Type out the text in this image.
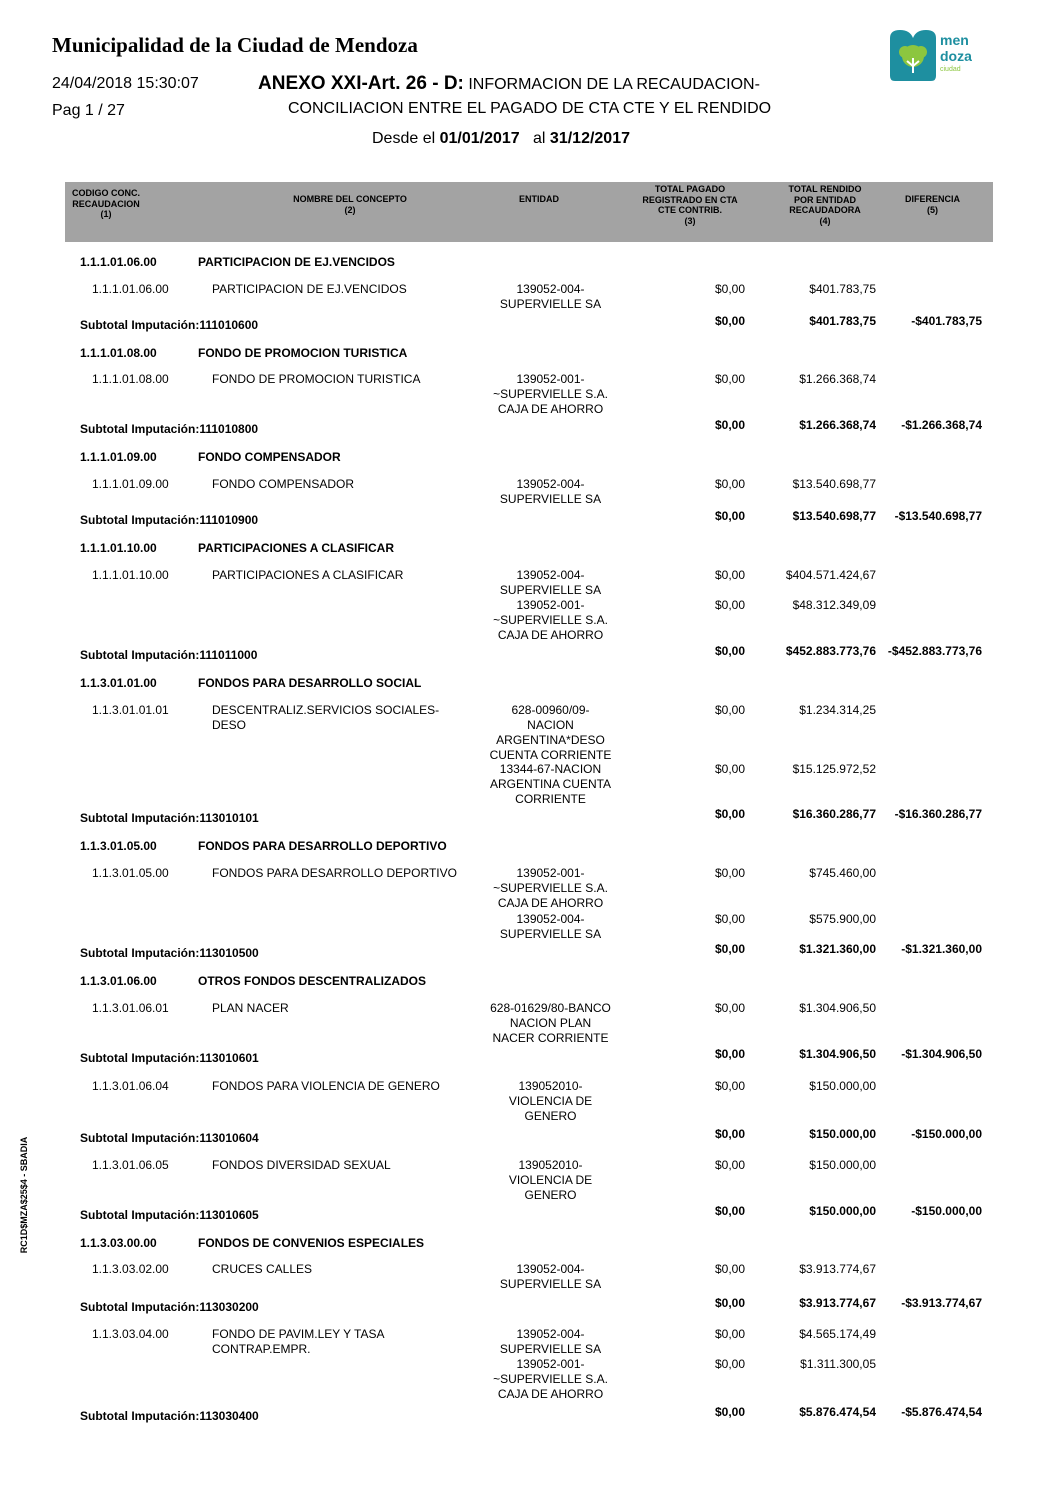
Municipalidad de la Ciudad de Mendoza
24/04/2018 15:30:07
Pag 1 / 27
ANEXO XXI-Art. 26 - D: INFORMACION DE LA RECAUDACION-
CONCILIACION ENTRE EL PAGADO DE CTA CTE Y EL RENDIDO
Desde el 01/01/2017 al 31/12/2017
men
doza
ciudad
RC1D$MZA$25$4 - SBADIA
CODIGO CONC.
RECAUDACION
(1)
NOMBRE DEL CONCEPTO
(2)
ENTIDAD
TOTAL PAGADO
REGISTRADO EN CTA
CTE CONTRIB.
(3)
TOTAL RENDIDO
POR ENTIDAD
RECAUDADORA
(4)
DIFERENCIA
(5)
1.1.1.01.06.00	PARTICIPACION DE EJ.VENCIDOS
1.1.1.01.06.00	PARTICIPACION DE EJ.VENCIDOS	139052-004-
SUPERVIELLE SA
$0,00	$401.783,75
Subtotal Imputación:111010600	$0,00	$401.783,75	-$401.783,75
1.1.1.01.08.00	FONDO DE PROMOCION TURISTICA
1.1.1.01.08.00	FONDO DE PROMOCION TURISTICA	139052-001-
~SUPERVIELLE S.A.
CAJA DE AHORRO
$0,00	$1.266.368,74
Subtotal Imputación:111010800	$0,00	$1.266.368,74	-$1.266.368,74
1.1.1.01.09.00	FONDO COMPENSADOR
1.1.1.01.09.00	FONDO COMPENSADOR	139052-004-
SUPERVIELLE SA
$0,00	$13.540.698,77
Subtotal Imputación:111010900	$0,00	$13.540.698,77	-$13.540.698,77
1.1.1.01.10.00	PARTICIPACIONES A CLASIFICAR
1.1.1.01.10.00	PARTICIPACIONES A CLASIFICAR	139052-004-
SUPERVIELLE SA
$0,00	$404.571.424,67
139052-001-
~SUPERVIELLE S.A.
CAJA DE AHORRO
$0,00	$48.312.349,09
Subtotal Imputación:111011000	$0,00	$452.883.773,76 -$452.883.773,76
1.1.3.01.01.00	FONDOS PARA DESARROLLO SOCIAL
1.1.3.01.01.01	DESCENTRALIZ.SERVICIOS SOCIALES-
DESO
628-00960/09-
NACION
ARGENTINA*DESO
CUENTA CORRIENTE
$0,00	$1.234.314,25
13344-67-NACION
ARGENTINA CUENTA
CORRIENTE
$0,00	$15.125.972,52
Subtotal Imputación:113010101	$0,00	$16.360.286,77	-$16.360.286,77
1.1.3.01.05.00	FONDOS PARA DESARROLLO DEPORTIVO
1.1.3.01.05.00	FONDOS PARA DESARROLLO DEPORTIVO	139052-001-
~SUPERVIELLE S.A.
CAJA DE AHORRO
$0,00	$745.460,00
139052-004-
SUPERVIELLE SA
$0,00	$575.900,00
Subtotal Imputación:113010500	$0,00	$1.321.360,00	-$1.321.360,00
1.1.3.01.06.00	OTROS FONDOS DESCENTRALIZADOS
1.1.3.01.06.01	PLAN NACER	628-01629/80-BANCO
NACION PLAN
NACER CORRIENTE
$0,00	$1.304.906,50
Subtotal Imputación:113010601	$0,00	$1.304.906,50	-$1.304.906,50
1.1.3.01.06.04	FONDOS PARA VIOLENCIA DE GENERO	139052010-
VIOLENCIA DE
GENERO
$0,00	$150.000,00
Subtotal Imputación:113010604	$0,00	$150.000,00	-$150.000,00
1.1.3.01.06.05	FONDOS DIVERSIDAD SEXUAL	139052010-
VIOLENCIA DE
GENERO
$0,00	$150.000,00
Subtotal Imputación:113010605	$0,00	$150.000,00	-$150.000,00
1.1.3.03.00.00	FONDOS DE CONVENIOS ESPECIALES
1.1.3.03.02.00	CRUCES CALLES	139052-004-
SUPERVIELLE SA
$0,00	$3.913.774,67
Subtotal Imputación:113030200	$0,00	$3.913.774,67	-$3.913.774,67
1.1.3.03.04.00	FONDO DE PAVIM.LEY Y TASA
CONTRAP.EMPR.
139052-004-
SUPERVIELLE SA
$0,00	$4.565.174,49
139052-001-
~SUPERVIELLE S.A.
CAJA DE AHORRO
$0,00	$1.311.300,05
Subtotal Imputación:113030400	$0,00	$5.876.474,54	-$5.876.474,54
